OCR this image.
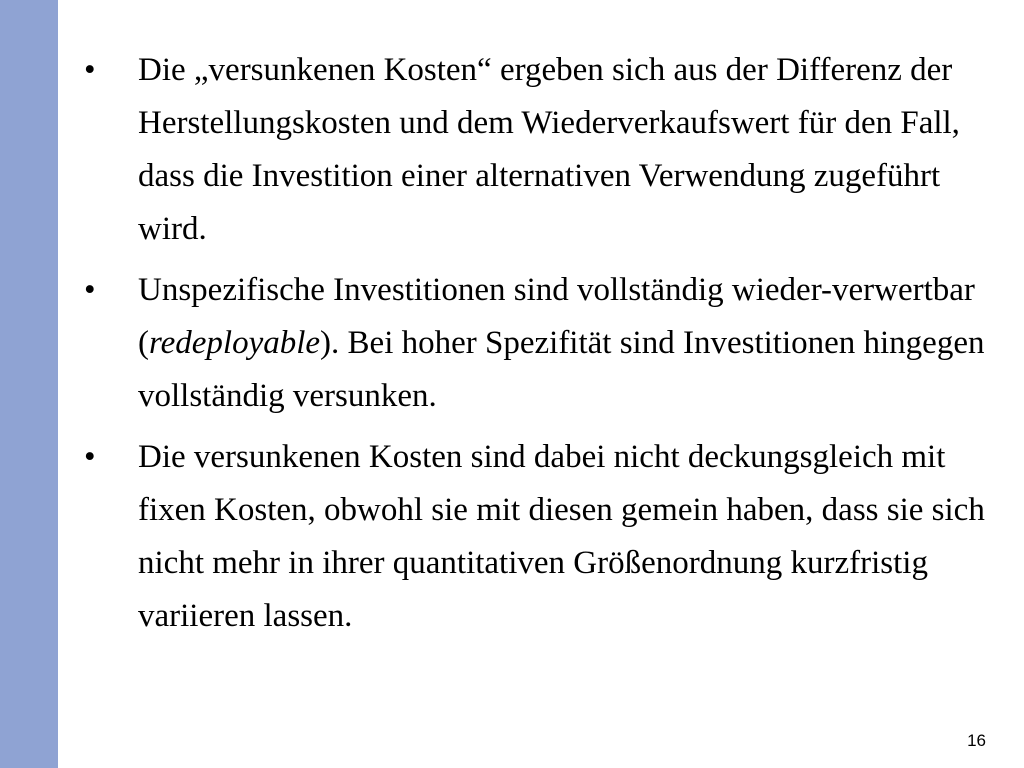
• Die „versunkenen Kosten“ ergeben sich aus der Differenz der Herstellungskosten und dem Wiederverkaufswert für den Fall, dass die Investition einer alternativen Verwendung zugeführt wird.
• Unspezifische Investitionen sind vollständig wieder-verwertbar (redeployable). Bei hoher Spezifität sind Investitionen hingegen vollständig versunken.
• Die versunkenen Kosten sind dabei nicht deckungsgleich mit fixen Kosten, obwohl sie mit diesen gemein haben, dass sie sich nicht mehr in ihrer quantitativen Größenordnung kurzfristig variieren lassen.
16
